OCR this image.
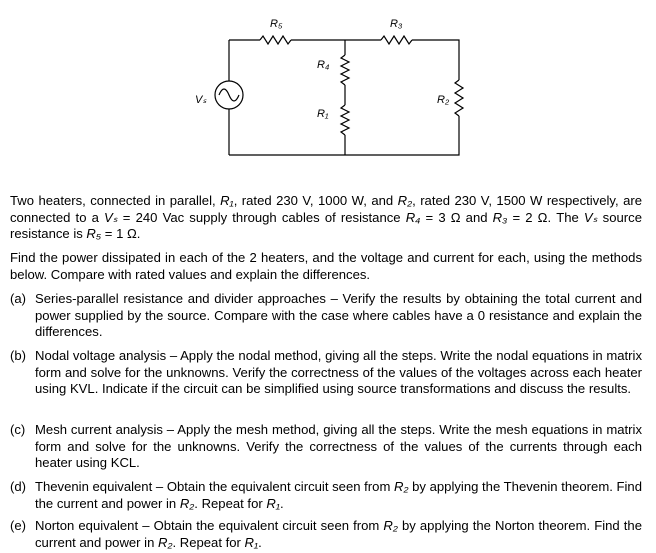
R₅	R₃
R₄
R₁
R₂
Vₛ

Two heaters, connected in parallel, R₁, rated 230 V, 1000 W, and R₂, rated 230 V, 1500 W respectively, are connected to a Vₛ = 240 Vac supply through cables of resistance R₄ = 3 Ω and R₃ = 2 Ω. The Vₛ source resistance is R₅ = 1 Ω.

Find the power dissipated in each of the 2 heaters, and the voltage and current for each, using the methods below. Compare with rated values and explain the differences.

(a) Series-parallel resistance and divider approaches – Verify the results by obtaining the total current and power supplied by the source. Compare with the case where cables have a 0 resistance and explain the differences.
(b) Nodal voltage analysis – Apply the nodal method, giving all the steps. Write the nodal equations in matrix form and solve for the unknowns. Verify the correctness of the values of the voltages across each heater using KVL. Indicate if the circuit can be simplified using source transformations and discuss the results.
(c) Mesh current analysis – Apply the mesh method, giving all the steps. Write the mesh equations in matrix form and solve for the unknowns. Verify the correctness of the values of the currents through each heater using KCL.
(d) Thevenin equivalent – Obtain the equivalent circuit seen from R₂ by applying the Thevenin theorem. Find the current and power in R₂. Repeat for R₁.
(e) Norton equivalent – Obtain the equivalent circuit seen from R₂ by applying the Norton theorem. Find the current and power in R₂. Repeat for R₁.
